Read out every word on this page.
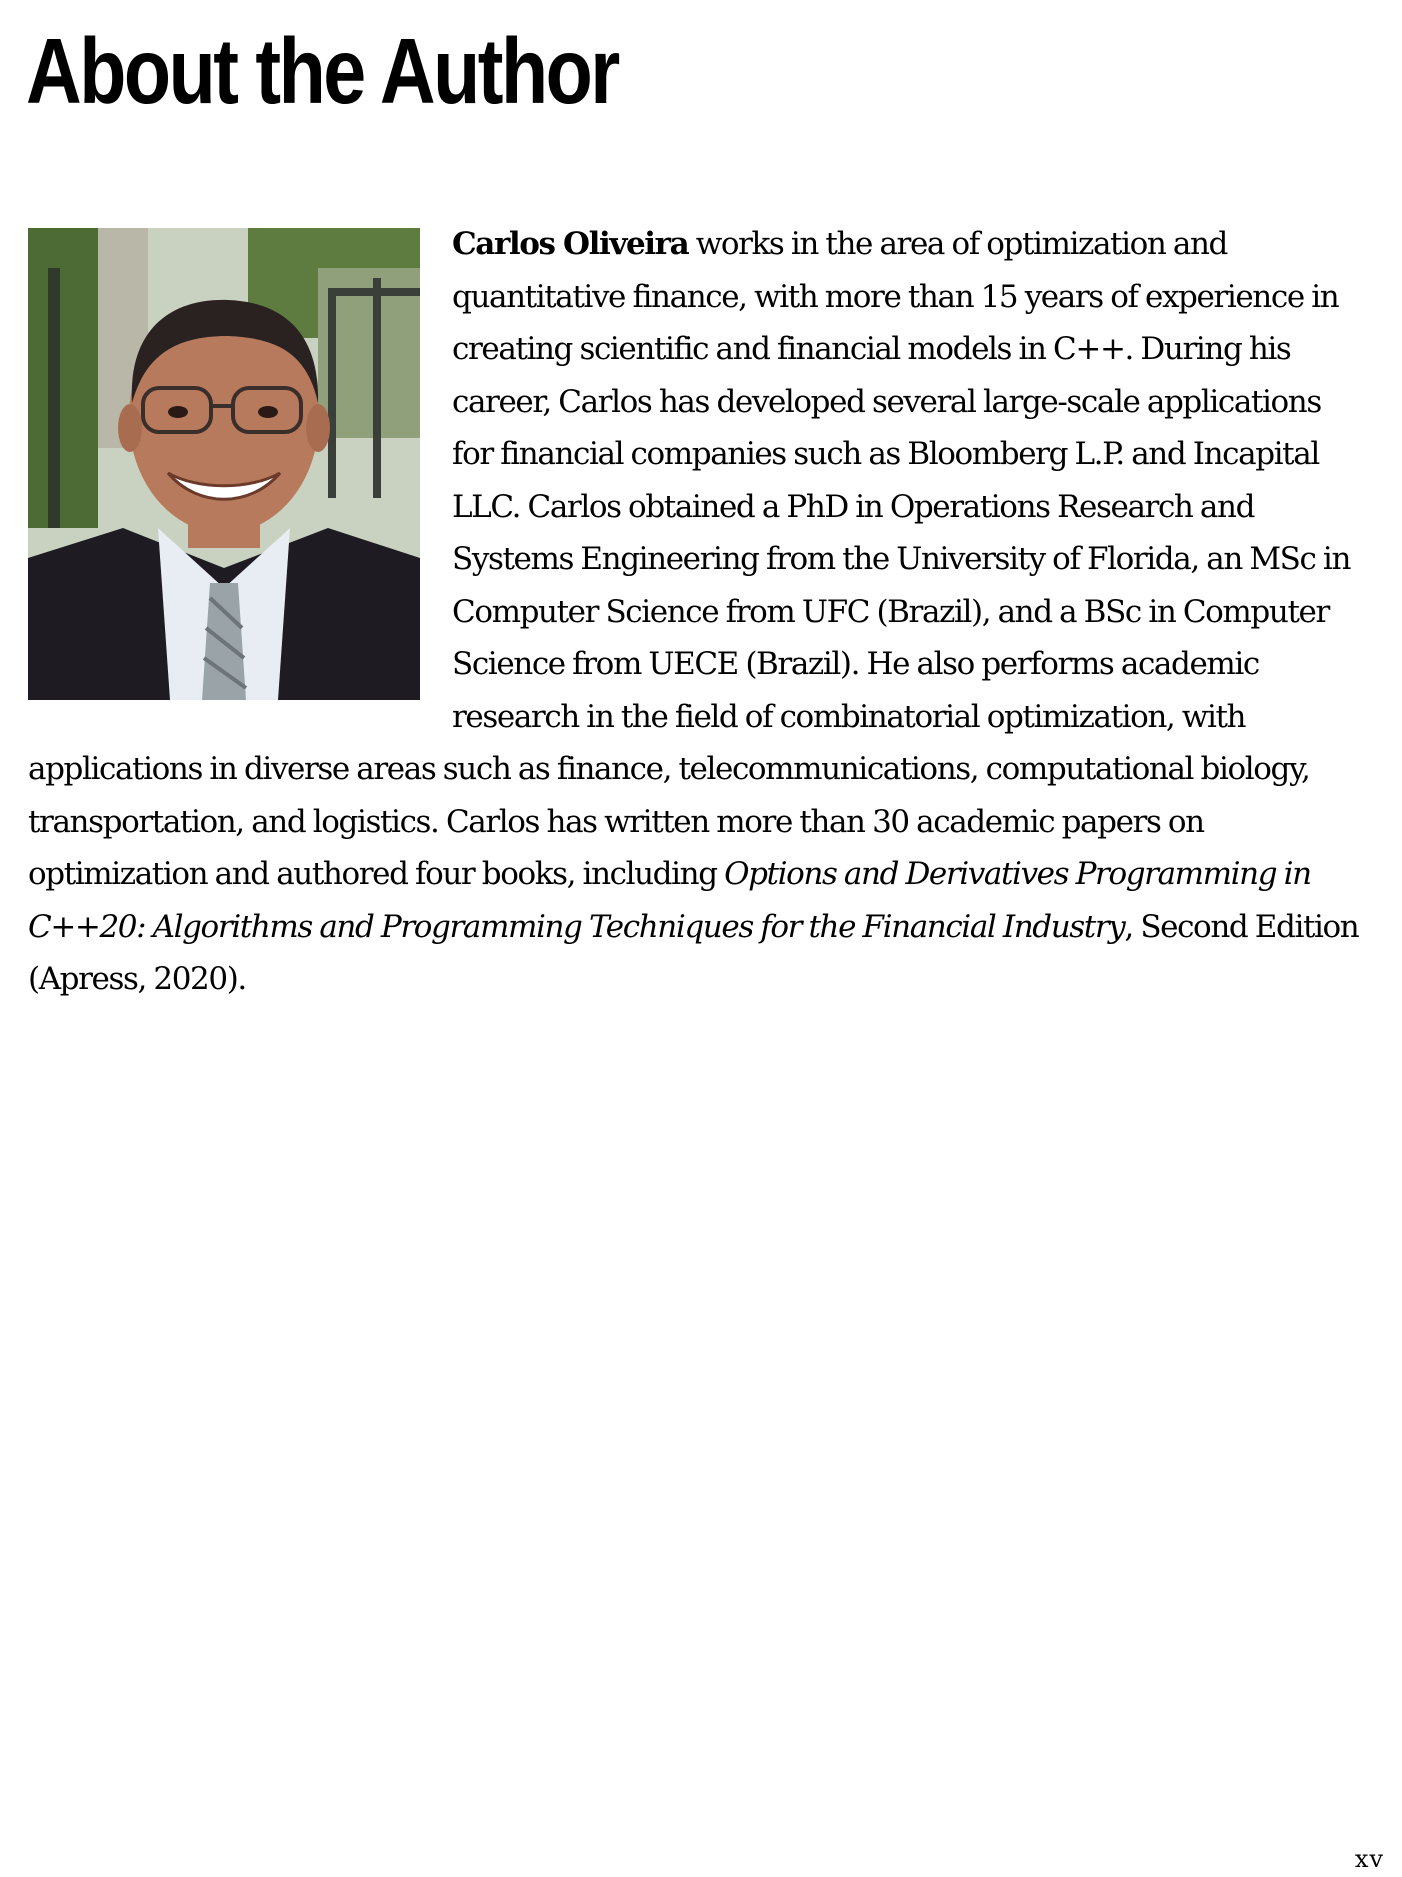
About the Author

Carlos Oliveira works in the area of optimization and quantitative finance, with more than 15 years of experience in creating scientific and financial models in C++. During his career, Carlos has developed several large-scale applications for financial companies such as Bloomberg L.P. and Incapital LLC. Carlos obtained a PhD in Operations Research and Systems Engineering from the University of Florida, an MSc in Computer Science from UFC (Brazil), and a BSc in Computer Science from UECE (Brazil). He also performs academic research in the field of combinatorial optimization, with applications in diverse areas such as finance, telecommunications, computational biology, transportation, and logistics. Carlos has written more than 30 academic papers on optimization and authored four books, including Options and Derivatives Programming in C++20: Algorithms and Programming Techniques for the Financial Industry, Second Edition (Apress, 2020).

xv
